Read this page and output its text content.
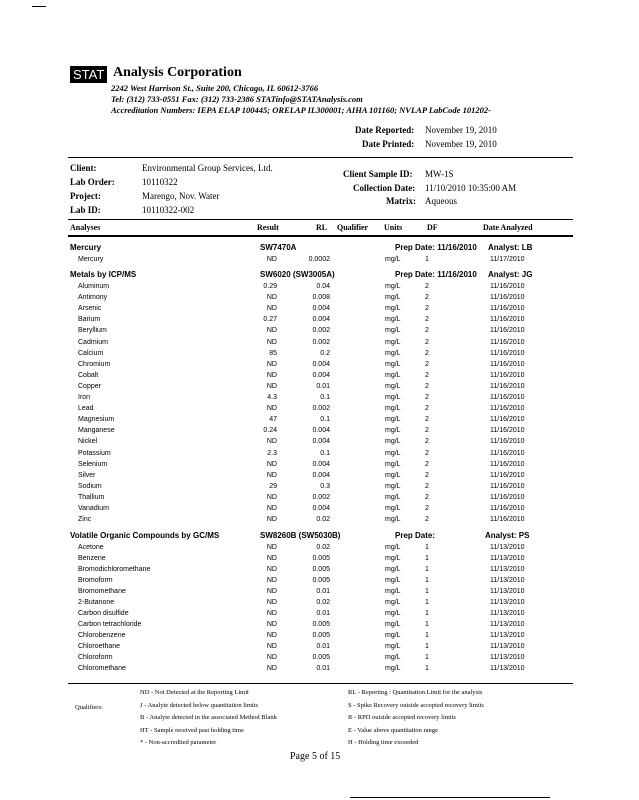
STAT Analysis Corporation
2242 West Harrison St., Suite 200, Chicago, IL 60612-3766
Tel: (312) 733-0551 Fax: (312) 733-2386 STATinfo@STATAnalysis.com
Accreditation Numbers: IEPA ELAP 100445; ORELAP IL300001; AIHA 101160; NVLAP LabCode 101202-
Date Reported: November 19, 2010
Date Printed: November 19, 2010
Client:	Environmental Group Services, Ltd.
Lab Order:	10110322
Project:	Marengo, Nov. Water
Lab ID:	10110322-002
Client Sample ID: MW-1S
Collection Date: 11/10/2010 10:35:00 AM
Matrix: Aqueous
Analyses	Result	RL Qualifier Units	DF	Date Analyzed
Mercury	SW7470A	Prep Date: 11/16/2010 Analyst: LB
Mercury	ND	0.0002	mg/L	1	11/17/2010
Metals by ICP/MS	SW6020 (SW3005A)	Prep Date: 11/16/2010 Analyst: JG
Aluminum	0.29	0.04	mg/L	2	11/16/2010
Antimony	ND	0.008	mg/L	2	11/16/2010
Arsenic	ND	0.004	mg/L	2	11/16/2010
Barium	0.27	0.004	mg/L	2	11/16/2010
Beryllium	ND	0.002	mg/L	2	11/16/2010
Cadmium	ND	0.002	mg/L	2	11/16/2010
Calcium	85	0.2	mg/L	2	11/16/2010
Chromium	ND	0.004	mg/L	2	11/16/2010
Cobalt	ND	0.004	mg/L	2	11/16/2010
Copper	ND	0.01	mg/L	2	11/16/2010
Iron	4.3	0.1	mg/L	2	11/16/2010
Lead	ND	0.002	mg/L	2	11/16/2010
Magnesium	47	0.1	mg/L	2	11/16/2010
Manganese	0.24	0.004	mg/L	2	11/16/2010
Nickel	ND	0.004	mg/L	2	11/16/2010
Potassium	2.3	0.1	mg/L	2	11/16/2010
Selenium	ND	0.004	mg/L	2	11/16/2010
Silver	ND	0.004	mg/L	2	11/16/2010
Sodium	29	0.3	mg/L	2	11/16/2010
Thallium	ND	0.002	mg/L	2	11/16/2010
Vanadium	ND	0.004	mg/L	2	11/16/2010
Zinc	ND	0.02	mg/L	2	11/16/2010
Volatile Organic Compounds by GC/MS	SW8260B (SW5030B)	Prep Date:	Analyst: PS
Acetone	ND	0.02	mg/L	1	11/13/2010
Benzene	ND	0.005	mg/L	1	11/13/2010
Bromodichloromethane	ND	0.005	mg/L	1	11/13/2010
Bromoform	ND	0.005	mg/L	1	11/13/2010
Bromomethane	ND	0.01	mg/L	1	11/13/2010
2-Butanone	ND	0.02	mg/L	1	11/13/2010
Carbon disulfide	ND	0.01	mg/L	1	11/13/2010
Carbon tetrachloride	ND	0.005	mg/L	1	11/13/2010
Chlorobenzene	ND	0.005	mg/L	1	11/13/2010
Chloroethane	ND	0.01	mg/L	1	11/13/2010
Chloroform	ND	0.005	mg/L	1	11/13/2010
Chloromethane	ND	0.01	mg/L	1	11/13/2010
Qualifiers:
ND - Not Detected at the Reporting Limit
J - Analyte detected below quantitation limits
B - Analyte detected in the associated Method Blank
HT - Sample received past holding time
* - Non-accredited parameter
RL - Reporting / Quantitation Limit for the analysis
S - Spike Recovery outside accepted recovery limits
R - RPD outside accepted recovery limits
E - Value above quantitation range
H - Holding time exceeded
Page 5 of 15
